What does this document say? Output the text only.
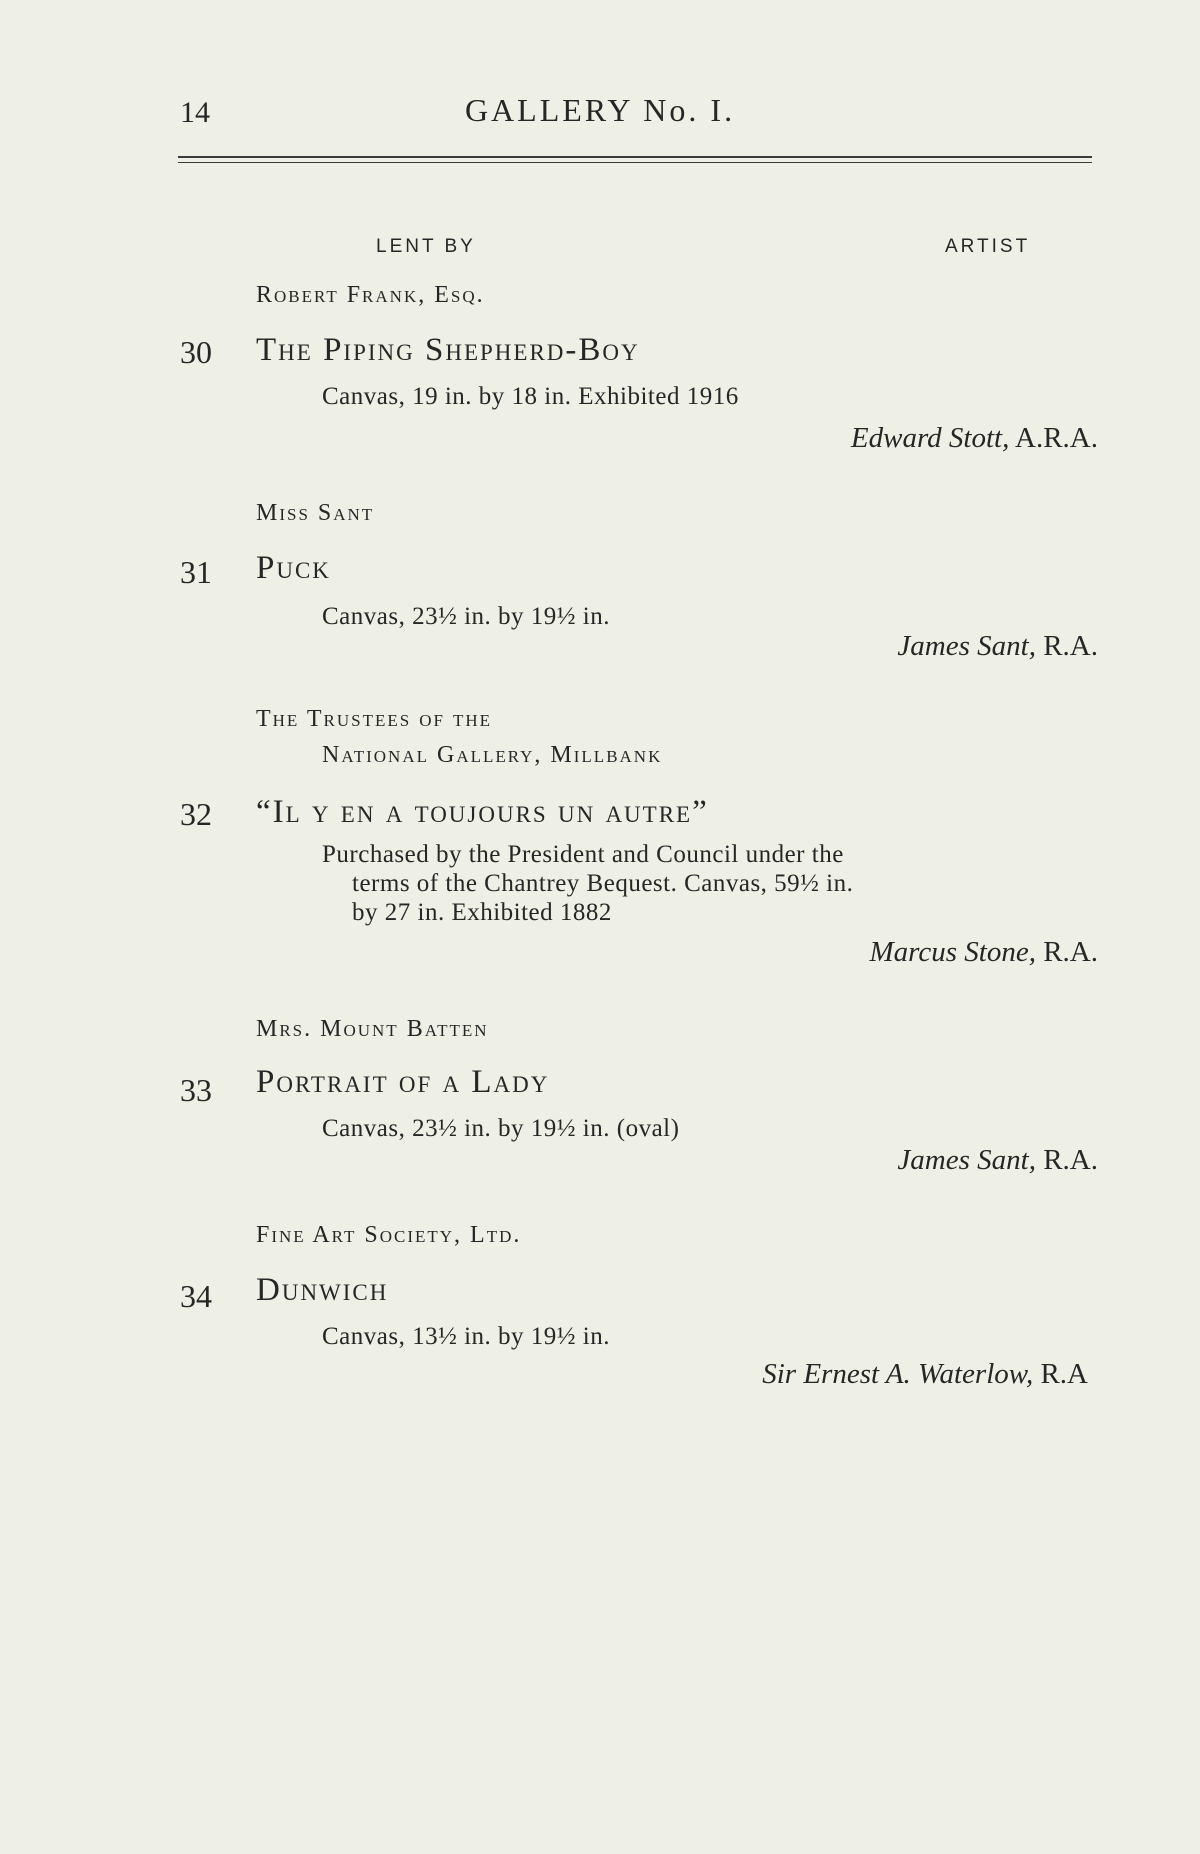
14	GALLERY No. I.
LENT BY	ARTIST
Robert Frank, Esq.
30 The Piping Shepherd-Boy
Canvas, 19 in. by 18 in. Exhibited 1916
Edward Stott, A.R.A.
Miss Sant
31 Puck
Canvas, 23½ in. by 19½ in.
James Sant, R.A.
The Trustees of the
National Gallery, Millbank
32 “Il y en a toujours un autre”
Purchased by the President and Council under the
terms of the Chantrey Bequest. Canvas, 59½ in.
by 27 in. Exhibited 1882
Marcus Stone, R.A.
Mrs. Mount Batten
33 Portrait of a Lady
Canvas, 23½ in. by 19½ in. (oval)
James Sant, R.A.
Fine Art Society, Ltd.
34 Dunwich
Canvas, 13½ in. by 19½ in.
Sir Ernest A. Waterlow, R.A
